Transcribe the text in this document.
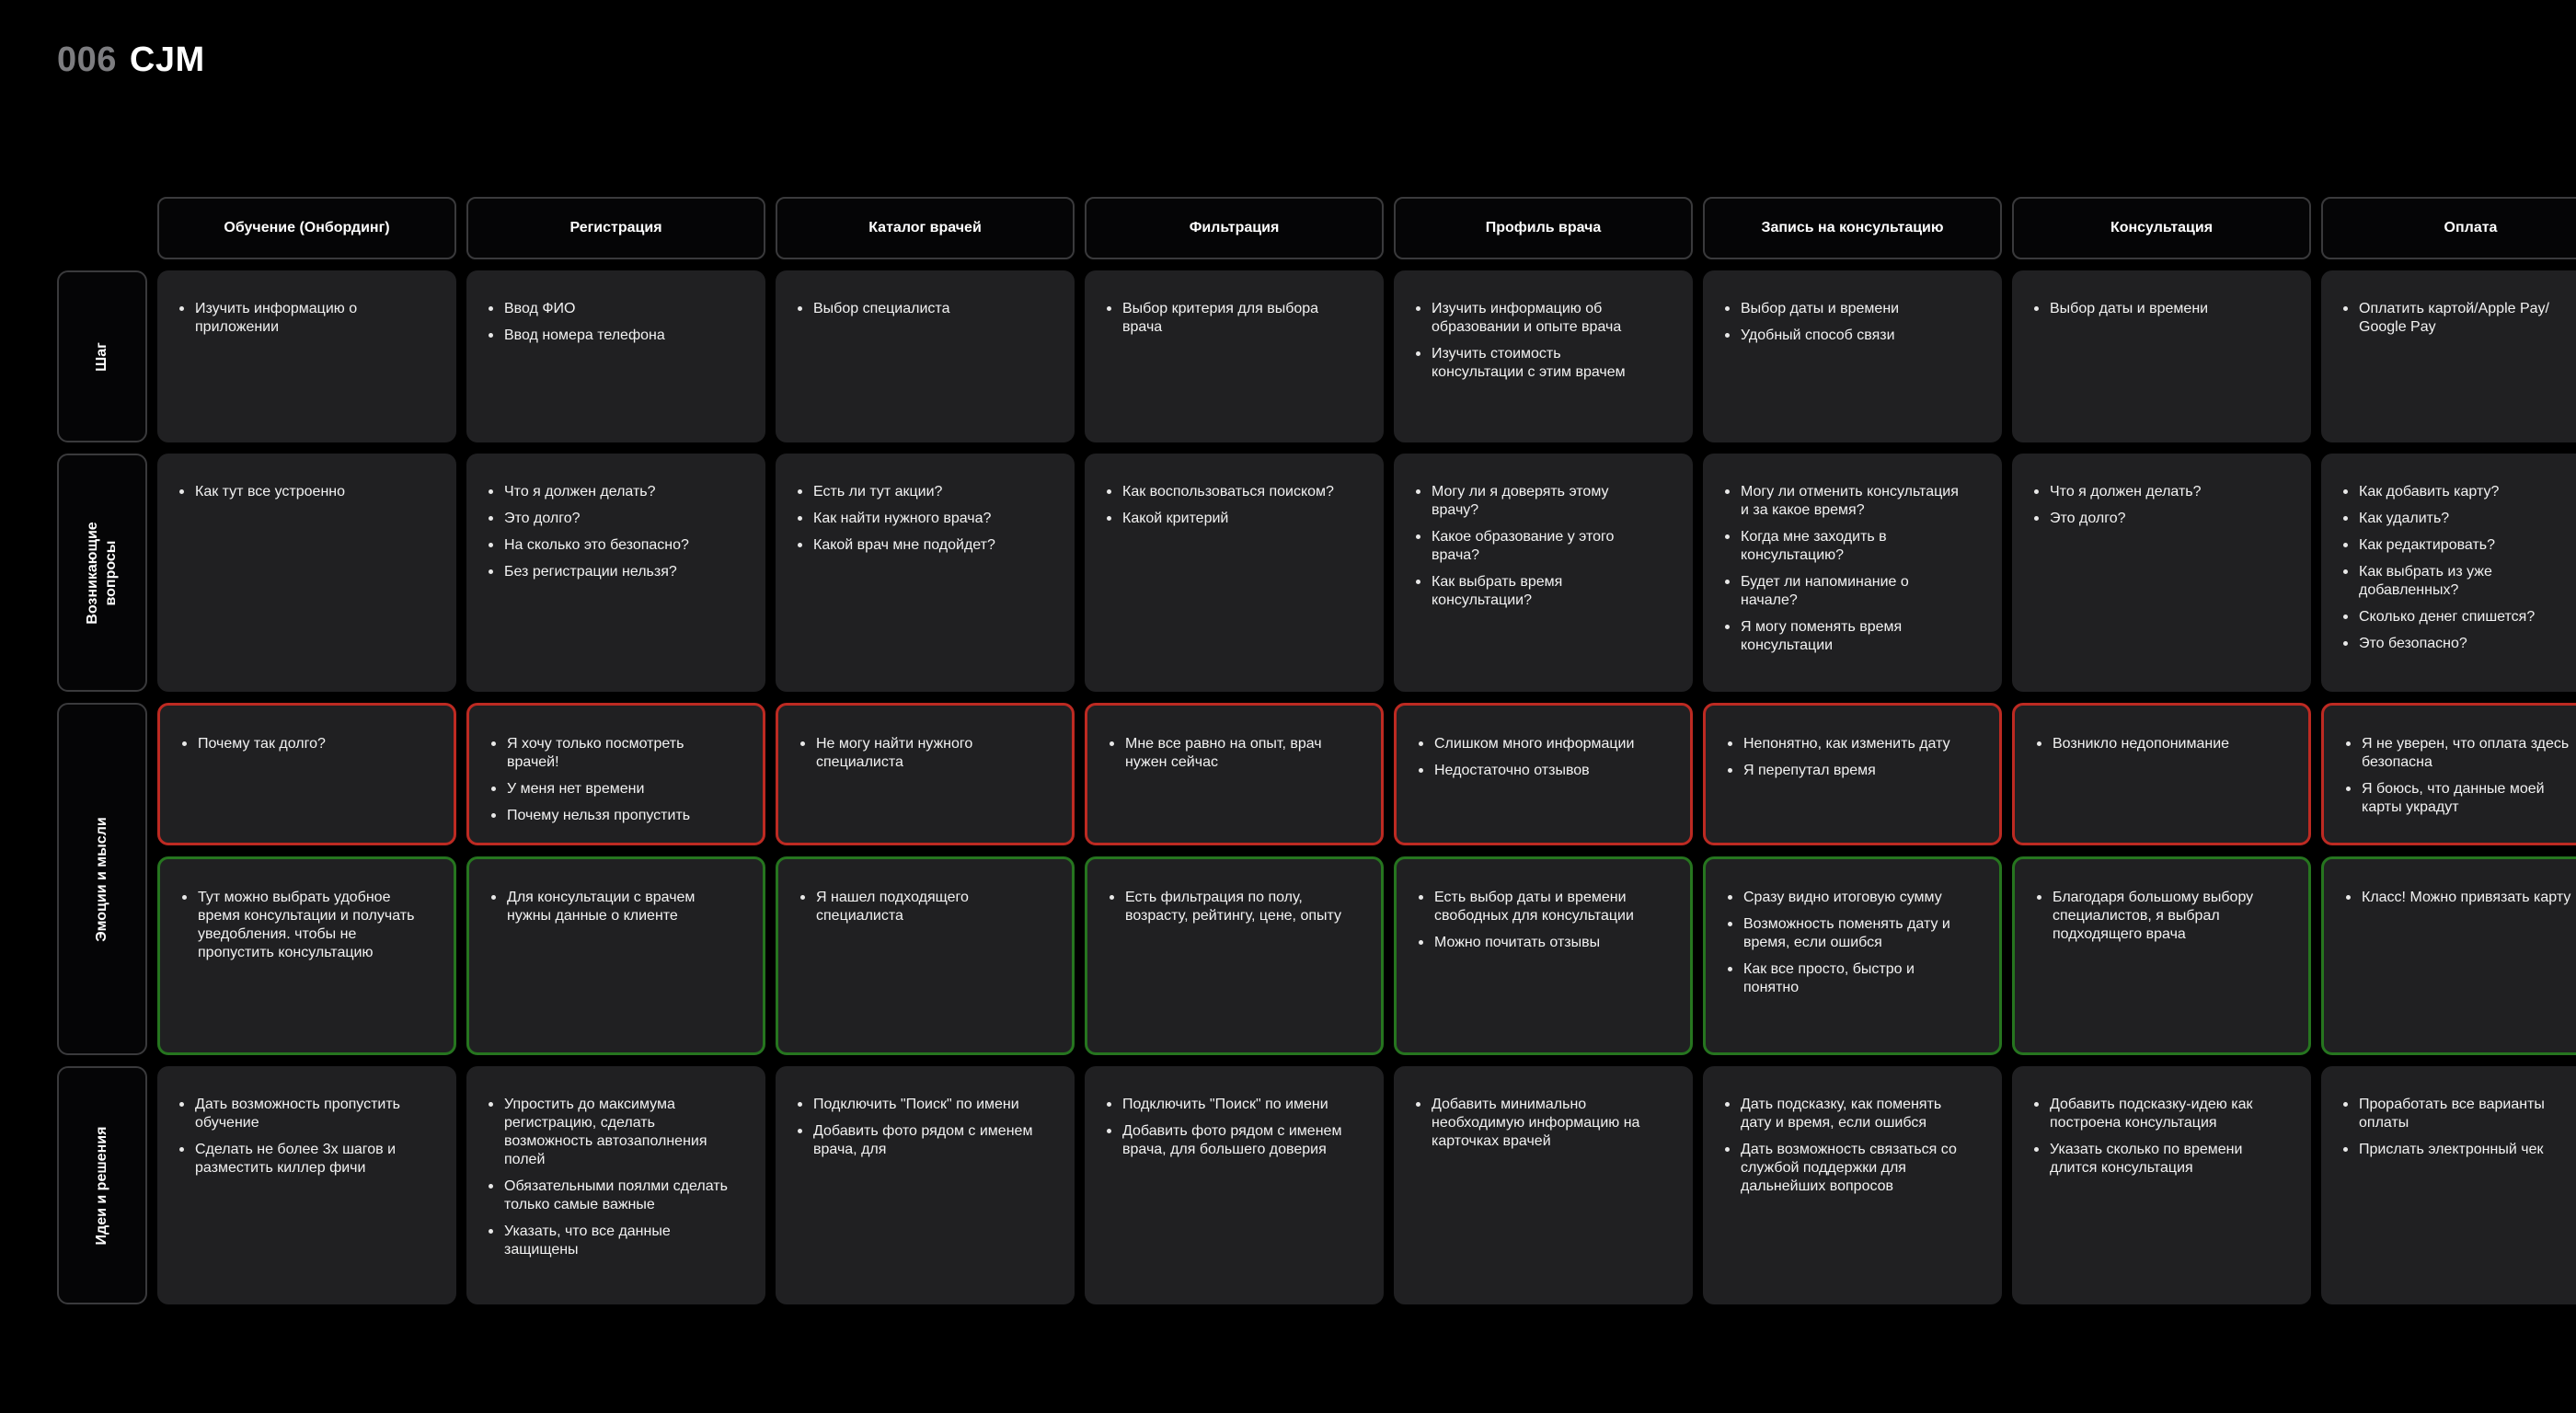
006 CJM
Шаг
Возникающие вопросы
Эмоции и мысли
Идеи и решения
Обучение (Онбординг)
Изучить информацию о приложении
Как тут все устроенно
Почему так долго?
Тут можно выбрать удобное время консультации и получать уведобления. чтобы не пропустить консультацию
Дать возможность пропустить обучение
Сделать не более 3х шагов и разместить киллер фичи
Регистрация
Ввод ФИО
Ввод номера телефона
Что я должен делать?
Это долго?
На сколько это безопасно?
Без регистрации нельзя?
Я хочу только посмотреть врачей!
У меня нет времени
Почему нельзя пропустить
Для консультации с врачем нужны данные о клиенте
Упростить до максимума регистрацию, сделать возможность автозаполнения полей
Обязательными поялми сделать только самые важные
Указать, что все данные защищены
Каталог врачей
Выбор специалиста
Есть ли тут акции?
Как найти нужного врача?
Какой врач мне подойдет?
Не могу найти нужного специалиста
Я нашел подходящего специалиста
Подключить "Поиск" по имени
Добавить фото рядом с именем врача, для
Фильтрация
Выбор критерия для выбора врача
Как воспользоваться поиском?
Какой критерий
Мне все равно на опыт, врач нужен сейчас
Есть фильтрация по полу, возрасту, рейтингу, цене, опыту
Подключить "Поиск" по имени
Добавить фото рядом с именем врача, для большего доверия
Профиль врача
Изучить информацию об образовании и опыте врача
Изучить стоимость консультации с этим врачем
Могу ли я доверять этому врачу?
Какое образование у этого врача?
Как выбрать время консультации?
Слишком много информации
Недостаточно отзывов
Есть выбор даты и времени свободных для консультации
Можно почитать отзывы
Добавить минимально необходимую информацию на карточках врачей
Запись на консультацию
Выбор даты и времени
Удобный способ связи
Могу ли отменить консультация и за какое время?
Когда мне заходить в консультацию?
Будет ли напоминание о начале?
Я могу поменять время консультации
Непонятно, как изменить дату
Я перепутал время
Сразу видно итоговую сумму
Возможность поменять дату и время, если ошибся
Как все просто, быстро и понятно
Дать подсказку, как поменять дату и время, если ошибся
Дать возможность связаться со службой поддержки для дальнейших вопросов
Консультация
Выбор даты и времени
Что я должен делать?
Это долго?
Возникло недопонимание
Благодаря большому выбору специалистов, я выбрал подходящего врача
Добавить подсказку-идею как построена консультация
Указать сколько по времени длится консультация
Оплата
Оплатить картой/Apple Pay/ Google Pay
Как добавить карту?
Как удалить?
Как редактировать?
Как выбрать из уже добавленных?
Сколько денег спишется?
Это безопасно?
Я не уверен, что оплата здесь безопасна
Я боюсь, что данные моей карты украдут
Класс! Можно привязать карту
Проработать все варианты оплаты
Прислать электронный чек
